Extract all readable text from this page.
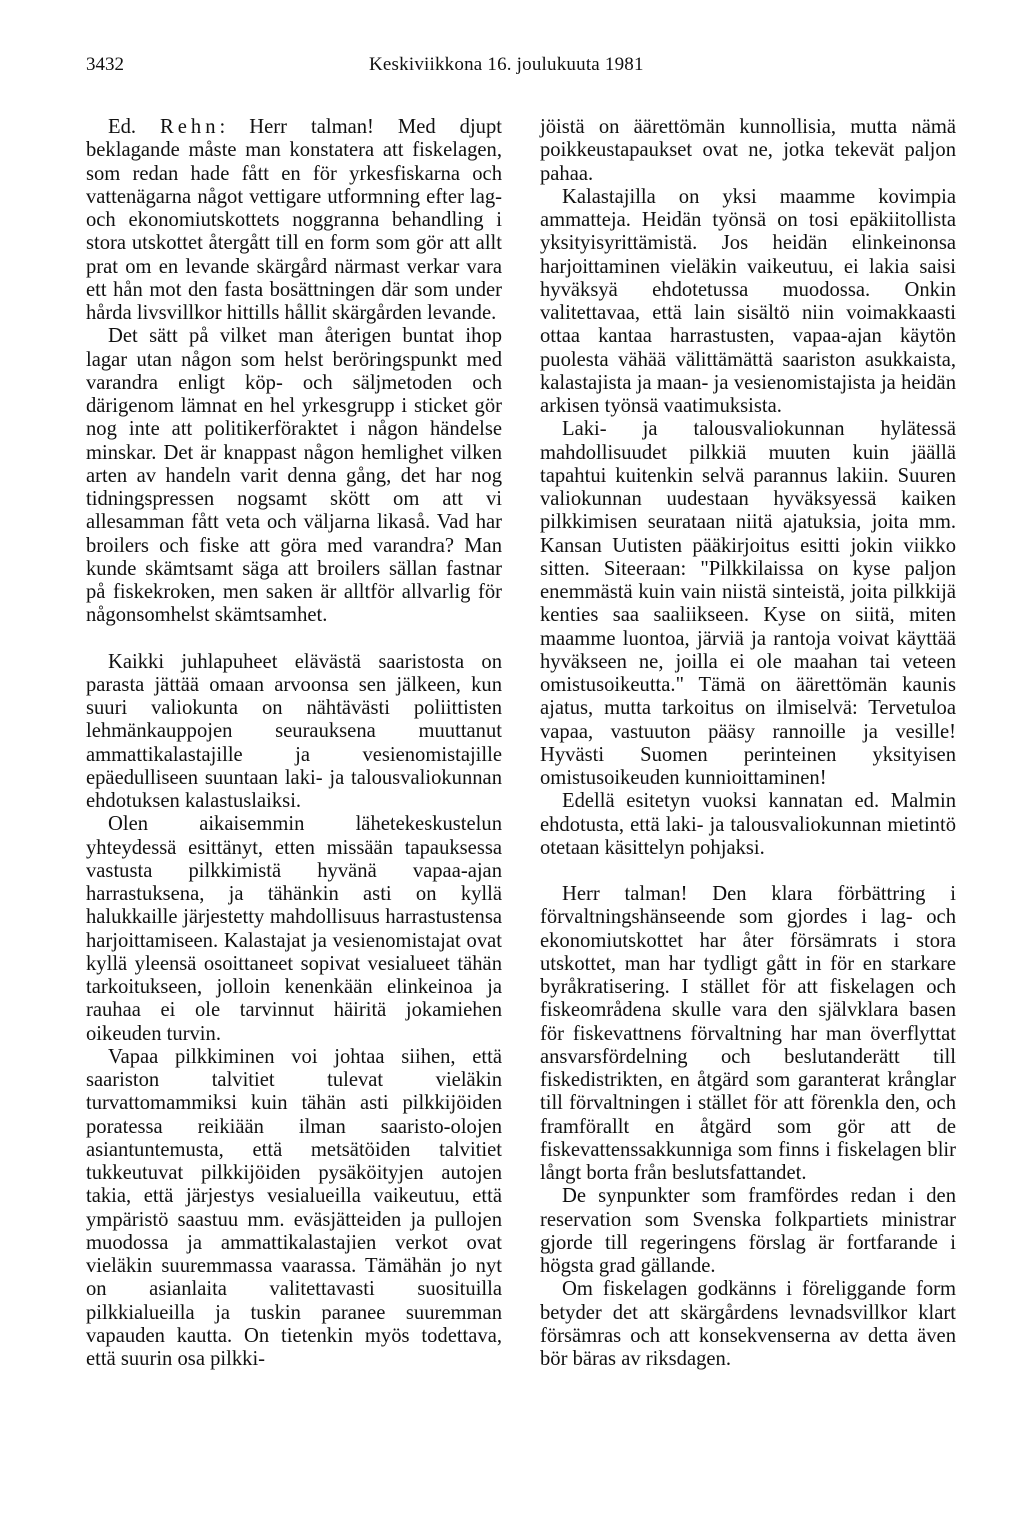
3432	Keskiviikkona 16. joulukuuta 1981

Ed. Rehn: Herr talman! Med djupt beklagande måste man konstatera att fiskelagen, som redan hade fått en för yrkesfiskarna och vattenägarna något vettigare utformning efter lag- och ekonomiutskottets noggranna behandling i stora utskottet återgått till en form som gör att allt prat om en levande skärgård närmast verkar vara ett hån mot den fasta bosättningen där som under hårda livsvillkor hittills hållit skärgården levande.

Det sätt på vilket man återigen buntat ihop lagar utan någon som helst beröringspunkt med varandra enligt köp- och säljmetoden och därigenom lämnat en hel yrkesgrupp i sticket gör nog inte att politikerföraktet i någon händelse minskar. Det är knappast någon hemlighet vilken arten av handeln varit denna gång, det har nog tidningspressen nogsamt skött om att vi allesamman fått veta och väljarna likaså. Vad har broilers och fiske att göra med varandra? Man kunde skämtsamt säga att broilers sällan fastnar på fiskekroken, men saken är alltför allvarlig för någonsomhelst skämtsamhet.

Kaikki juhlapuheet elävästä saaristosta on parasta jättää omaan arvoonsa sen jälkeen, kun suuri valiokunta on nähtävästi poliittisten lehmänkauppojen seurauksena muuttanut ammattikalastajille ja vesienomistajille epäedulliseen suuntaan laki- ja talousvaliokunnan ehdotuksen kalastuslaiksi.

Olen aikaisemmin lähetekeskustelun yhteydessä esittänyt, etten missään tapauksessa vastusta pilkkimistä hyvänä vapaa-ajan harrastuksena, ja tähänkin asti on kyllä halukkaille järjestetty mahdollisuus harrastustensa harjoittamiseen. Kalastajat ja vesienomistajat ovat kyllä yleensä osoittaneet sopivat vesialueet tähän tarkoitukseen, jolloin kenenkään elinkeinoa ja rauhaa ei ole tarvinnut häiritä jokamiehen oikeuden turvin.

Vapaa pilkkiminen voi johtaa siihen, että saariston talvitiet tulevat vieläkin turvattomammiksi kuin tähän asti pilkkijöiden poratessa reikiään ilman saaristo-olojen asiantuntemusta, että metsätöiden talvitiet tukkeutuvat pilkkijöiden pysäköityjen autojen takia, että järjestys vesialueilla vaikeutuu, että ympäristö saastuu mm. eväsjätteiden ja pullojen muodossa ja ammattikalastajien verkot ovat vieläkin suuremmassa vaarassa. Tämähän jo nyt on asianlaita valitettavasti suosituilla pilkkialueilla ja tuskin paranee suuremman vapauden kautta. On tietenkin myös todettava, että suurin osa pilkki-

jöistä on äärettömän kunnollisia, mutta nämä poikkeustapaukset ovat ne, jotka tekevät paljon pahaa.

Kalastajilla on yksi maamme kovimpia ammatteja. Heidän työnsä on tosi epäkiitollista yksityisyrittämistä. Jos heidän elinkeinonsa harjoittaminen vieläkin vaikeutuu, ei lakia saisi hyväksyä ehdotetussa muodossa. Onkin valitettavaa, että lain sisältö niin voimakkaasti ottaa kantaa harrastusten, vapaa-ajan käytön puolesta vähää välittämättä saariston asukkaista, kalastajista ja maan- ja vesienomistajista ja heidän arkisen työnsä vaatimuksista.

Laki- ja talousvaliokunnan hylätessä mahdollisuudet pilkkiä muuten kuin jäällä tapahtui kuitenkin selvä parannus lakiin. Suuren valiokunnan uudestaan hyväksyessä kaiken pilkkimisen seurataan niitä ajatuksia, joita mm. Kansan Uutisten pääkirjoitus esitti jokin viikko sitten. Siteeraan: "Pilkkilaissa on kyse paljon enemmästä kuin vain niistä sinteistä, joita pilkkijä kenties saa saaliikseen. Kyse on siitä, miten maamme luontoa, järviä ja rantoja voivat käyttää hyväkseen ne, joilla ei ole maahan tai veteen omistusoikeutta." Tämä on äärettömän kaunis ajatus, mutta tarkoitus on ilmiselvä: Tervetuloa vapaa, vastuuton pääsy rannoille ja vesille! Hyvästi Suomen perinteinen yksityisen omistusoikeuden kunnioittaminen!

Edellä esitetyn vuoksi kannatan ed. Malmin ehdotusta, että laki- ja talousvaliokunnan mietintö otetaan käsittelyn pohjaksi.

Herr talman! Den klara förbättring i förvaltningshänseende som gjordes i lag- och ekonomiutskottet har åter försämrats i stora utskottet, man har tydligt gått in för en starkare byråkratisering. I stället för att fiskelagen och fiskeområdena skulle vara den självklara basen för fiskevattnens förvaltning har man överflyttat ansvarsfördelning och beslutanderätt till fiskedistrikten, en åtgärd som garanterat krånglar till förvaltningen i stället för att förenkla den, och framförallt en åtgärd som gör att de fiskevattenssakkunniga som finns i fiskelagen blir långt borta från beslutsfattandet.

De synpunkter som framfördes redan i den reservation som Svenska folkpartiets ministrar gjorde till regeringens förslag är fortfarande i högsta grad gällande.

Om fiskelagen godkänns i föreliggande form betyder det att skärgårdens levnadsvillkor klart försämras och att konsekvenserna av detta även bör bäras av riksdagen.
